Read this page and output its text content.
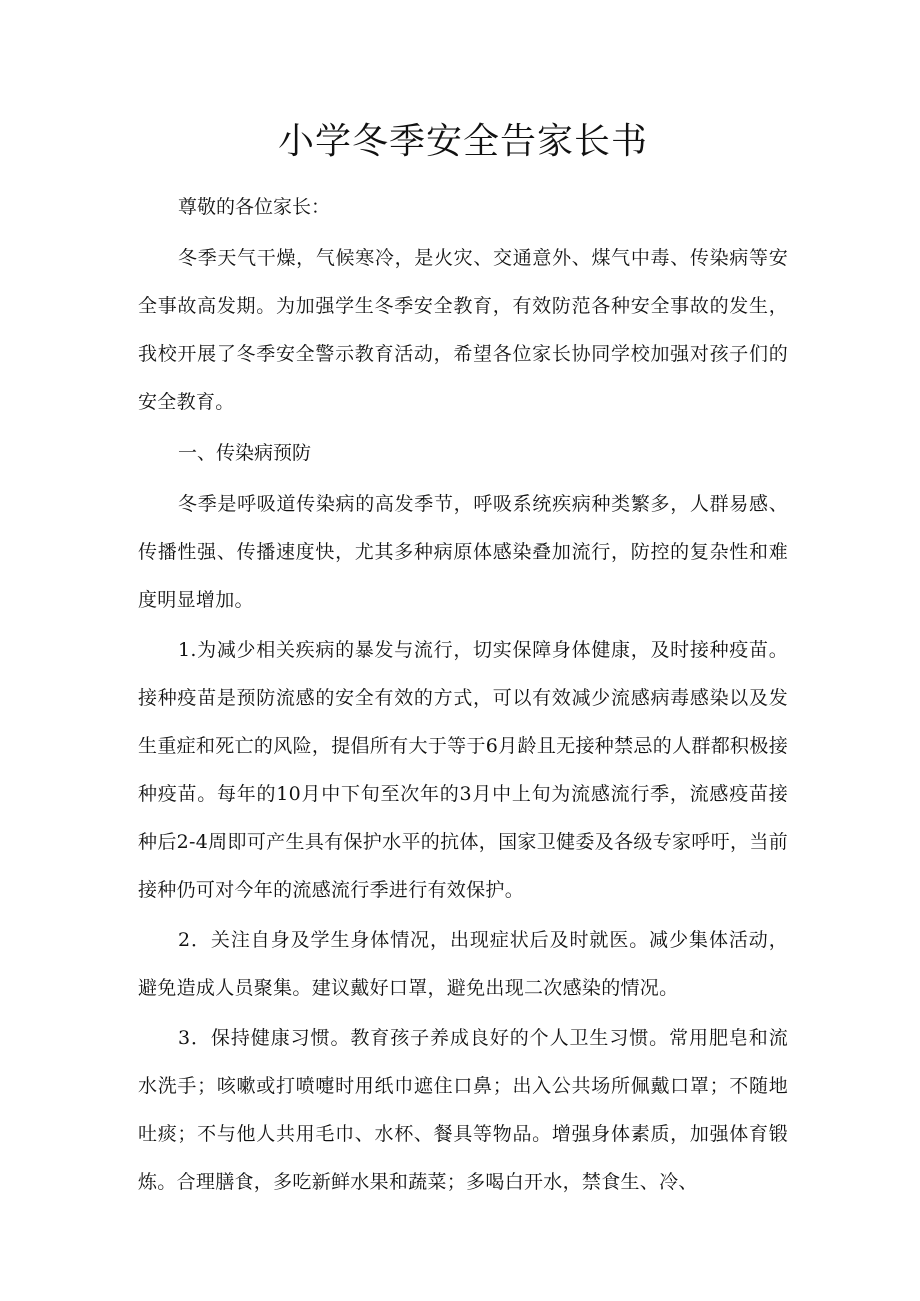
小学冬季安全告家长书

尊敬的各位家长：

冬季天气干燥，气候寒冷，是火灾、交通意外、煤气中毒、传染病等安全事故高发期。为加强学生冬季安全教育，有效防范各种安全事故的发生，我校开展了冬季安全警示教育活动，希望各位家长协同学校加强对孩子们的安全教育。

一、传染病预防

冬季是呼吸道传染病的高发季节，呼吸系统疾病种类繁多，人群易感、传播性强、传播速度快，尤其多种病原体感染叠加流行，防控的复杂性和难度明显增加。

1.为减少相关疾病的暴发与流行，切实保障身体健康，及时接种疫苗。接种疫苗是预防流感的安全有效的方式，可以有效减少流感病毒感染以及发生重症和死亡的风险，提倡所有大于等于6月龄且无接种禁忌的人群都积极接种疫苗。每年的10月中下旬至次年的3月中上旬为流感流行季，流感疫苗接种后2-4周即可产生具有保护水平的抗体，国家卫健委及各级专家呼吁，当前接种仍可对今年的流感流行季进行有效保护。

2．关注自身及学生身体情况，出现症状后及时就医。减少集体活动，避免造成人员聚集。建议戴好口罩，避免出现二次感染的情况。

3．保持健康习惯。教育孩子养成良好的个人卫生习惯。常用肥皂和流水洗手；咳嗽或打喷嚏时用纸巾遮住口鼻；出入公共场所佩戴口罩；不随地吐痰；不与他人共用毛巾、水杯、餐具等物品。增强身体素质，加强体育锻炼。合理膳食，多吃新鲜水果和蔬菜；多喝白开水，禁食生、冷、
